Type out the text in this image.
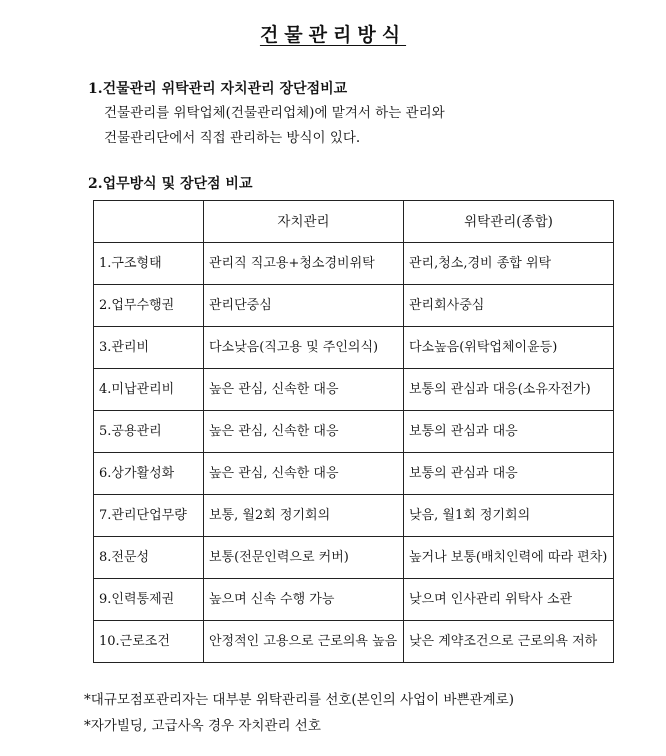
건물관리방식
1.건물관리 위탁관리 자치관리 장단점비교

건물관리를 위탁업체(건물관리업체)에 맡겨서 하는 관리와

건물관리단에서 직접 관리하는 방식이 있다.

2.업무방식 및 장단점 비교
	자치관리	위탁관리(종합)
1.구조형태	관리직 직고용+청소경비위탁	관리,청소,경비 종합 위탁
2.업무수행권	관리단중심	관리회사중심
3.관리비	다소낮음(직고용 및 주인의식)	다소높음(위탁업체이윤등)
4.미납관리비	높은 관심, 신속한 대응	보통의 관심과 대응(소유자전가)
5.공용관리	높은 관심, 신속한 대응	보통의 관심과 대응
6.상가활성화	높은 관심, 신속한 대응	보통의 관심과 대응
7.관리단업무량	보통, 월2회 정기회의	낮음, 월1회 정기회의
8.전문성	보통(전문인력으로 커버)	높거나 보통(배치인력에 따라 편차)
9.인력통제권	높으며 신속 수행 가능	낮으며 인사관리 위탁사 소관
10.근로조건	안정적인 고용으로 근로의욕 높음	낮은 계약조건으로 근로의욕 저하

*대규모점포관리자는 대부분 위탁관리를 선호(본인의 사업이 바쁜관계로)

*자가빌딩, 고급사옥 경우 자치관리 선호
